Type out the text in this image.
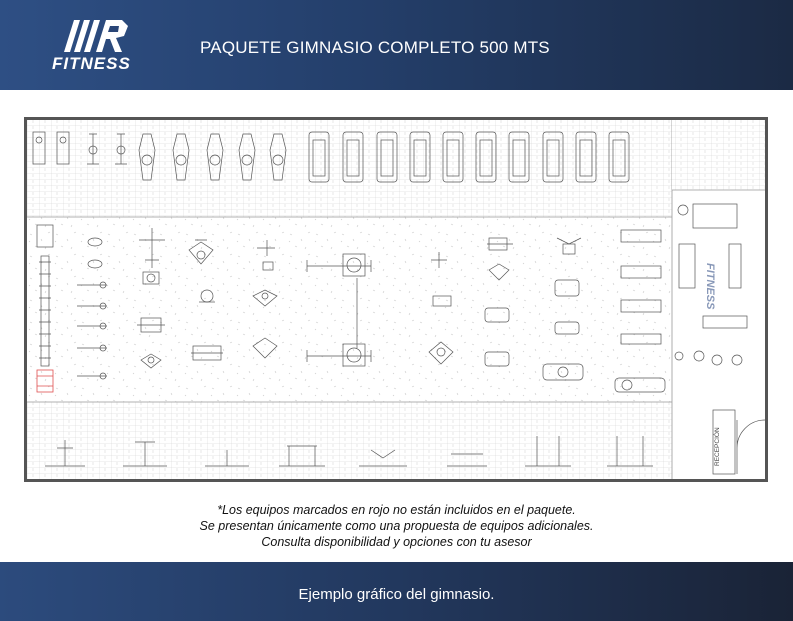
FITNESS
PAQUETE GIMNASIO COMPLETO 500 MTS
FITNESS
RECEPCIÓN
*Los equipos marcados en rojo no están incluidos en el paquete.
Se presentan únicamente como una propuesta de equipos adicionales.
Consulta disponibilidad y opciones con tu asesor
Ejemplo gráfico del gimnasio.
